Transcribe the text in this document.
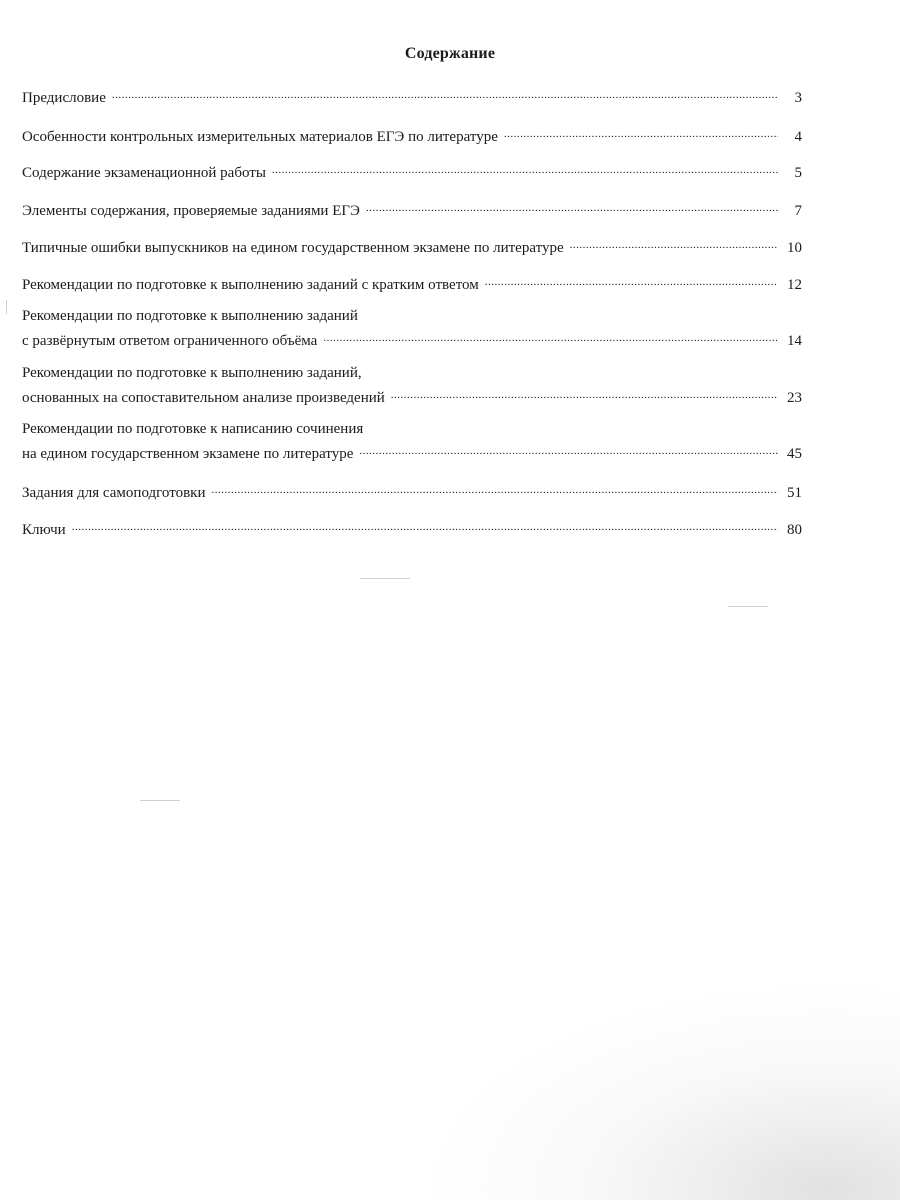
Содержание
Предисловие .....	3
Особенности контрольных измерительных материалов ЕГЭ по литературе .....	4
Содержание экзаменационной работы .....	5
Элементы содержания, проверяемые заданиями ЕГЭ .....	7
Типичные ошибки выпускников на едином государственном экзамене по литературе .....	10
Рекомендации по подготовке к выполнению заданий с кратким ответом .....	12
Рекомендации по подготовке к выполнению заданий
с развёрнутым ответом ограниченного объёма .....	14
Рекомендации по подготовке к выполнению заданий,
основанных на сопоставительном анализе произведений .....	23
Рекомендации по подготовке к написанию сочинения
на едином государственном экзамене по литературе .....	45
Задания для самоподготовки .....	51
Ключи .....	80
